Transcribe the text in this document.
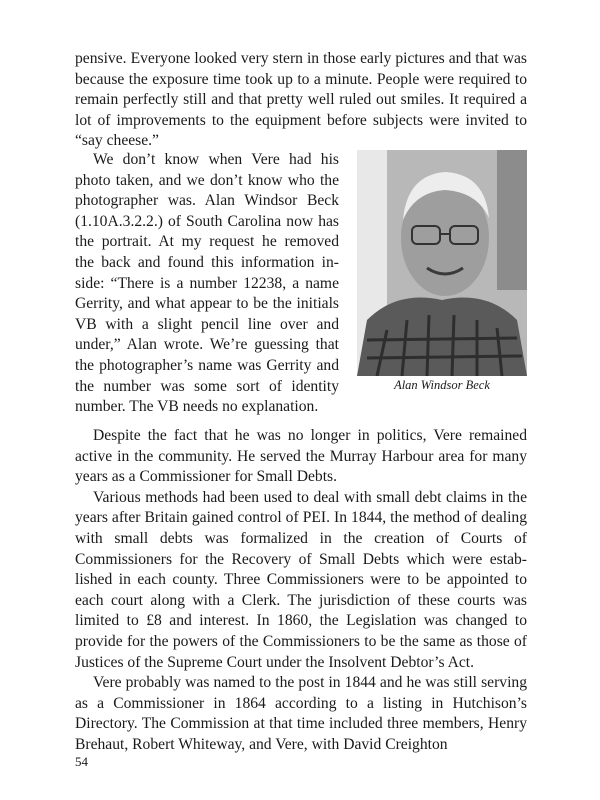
pensive. Everyone looked very stern in those early pictures and that was because the exposure time took up to a minute. People were required to remain perfectly still and that pretty well ruled out smiles. It required a lot of improvements to the equipment before subjects were invited to “say cheese.”

Alan Windsor Beck

We don’t know when Vere had his photo taken, and we don’t know who the photographer was. Alan Windsor Beck (1.10A.3.2.2.) of South Carolina now has the portrait. At my request he removed the back and found this information inside: “There is a number 12238, a name Gerrity, and what appear to be the initials VB with a slight pencil line over and under,” Alan wrote. We’re guessing that the photographer’s name was Gerrity and the number was some sort of identity number. The VB needs no explanation.

Despite the fact that he was no longer in politics, Vere remained active in the community. He served the Murray Harbour area for many years as a Commissioner for Small Debts.

Various methods had been used to deal with small debt claims in the years after Britain gained control of PEI. In 1844, the method of dealing with small debts was formalized in the creation of Courts of Commissioners for the Recovery of Small Debts which were established in each county. Three Commissioners were to be appointed to each court along with a Clerk. The jurisdiction of these courts was limited to £8 and interest. In 1860, the Legislation was changed to provide for the powers of the Commissioners to be the same as those of Justices of the Supreme Court under the Insolvent Debtor’s Act.

Vere probably was named to the post in 1844 and he was still serving as a Commissioner in 1864 according to a listing in Hutchison’s Directory. The Commission at that time included three members, Henry Brehaut, Robert Whiteway, and Vere, with David Creighton

54
